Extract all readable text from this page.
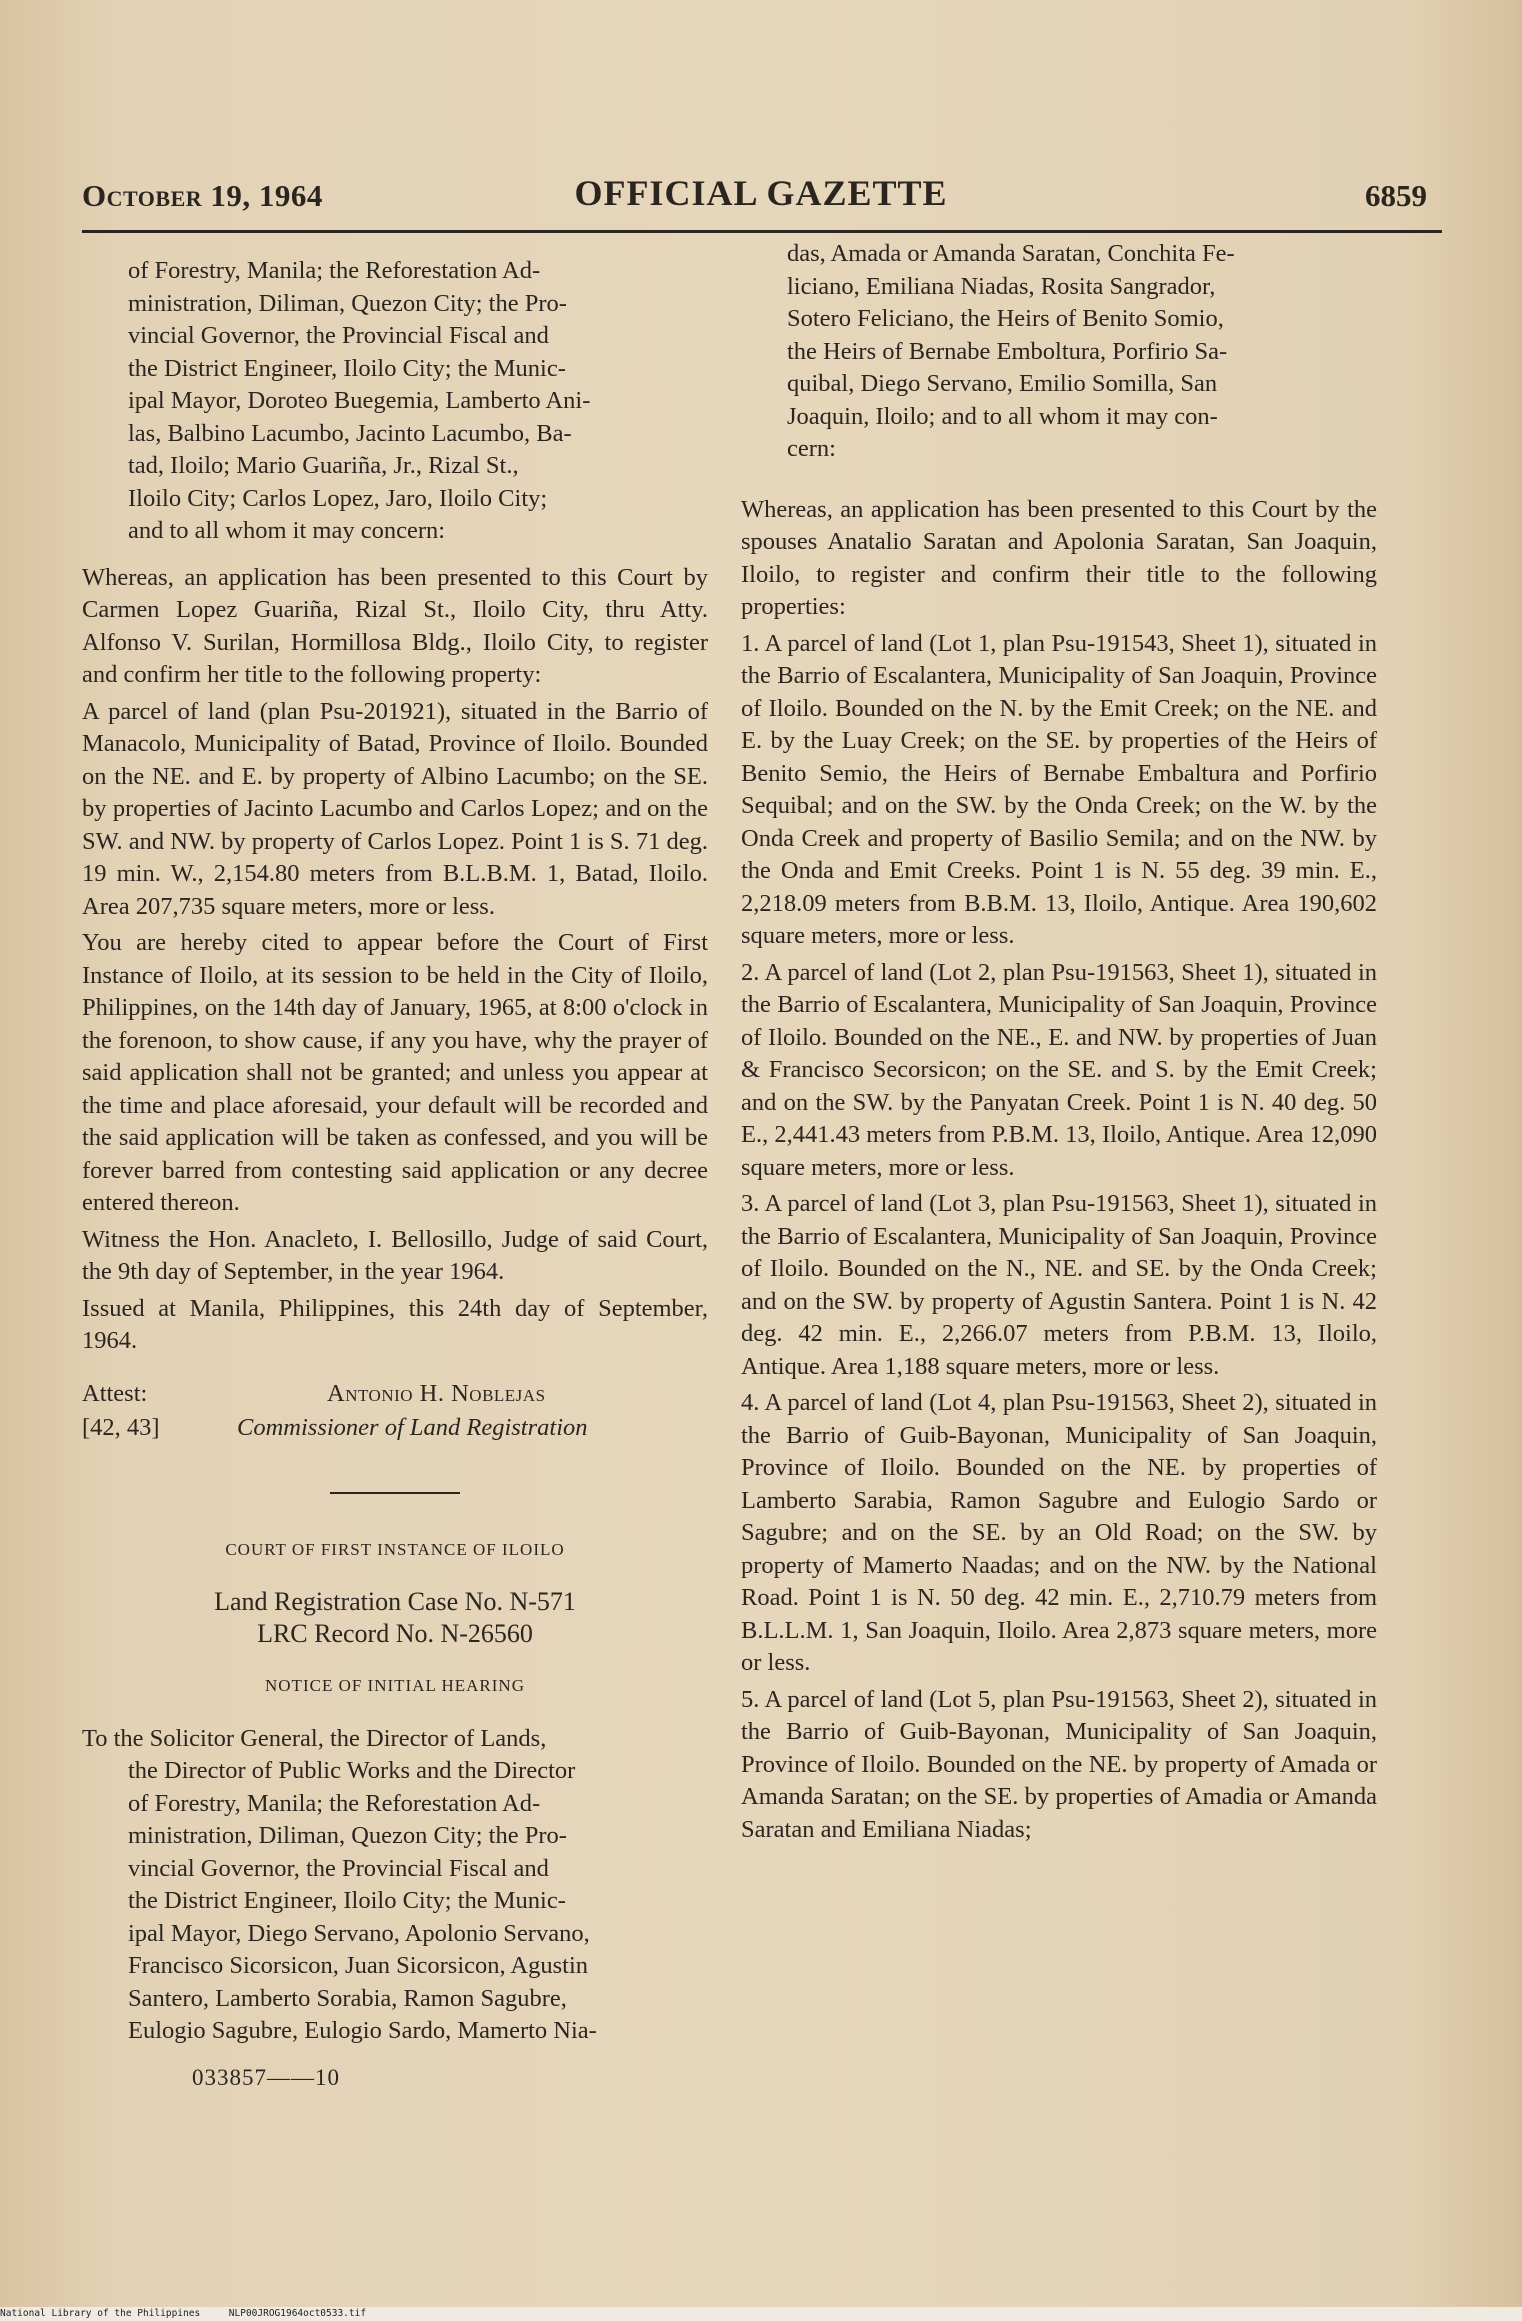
October 19, 1964	OFFICIAL GAZETTE	6859
of Forestry, Manila; the Reforestation Ad-
ministration, Diliman, Quezon City; the Pro-
vincial Governor, the Provincial Fiscal and
the District Engineer, Iloilo City; the Munic-
ipal Mayor, Doroteo Buegemia, Lamberto Ani-
las, Balbino Lacumbo, Jacinto Lacumbo, Ba-
tad, Iloilo; Mario Guariña, Jr., Rizal St.,
Iloilo City; Carlos Lopez, Jaro, Iloilo City;
and to all whom it may concern:

Whereas, an application has been presented to this Court by Carmen Lopez Guariña, Rizal St., Iloilo City, thru Atty. Alfonso V. Surilan, Hormillosa Bldg., Iloilo City, to register and confirm her title to the following property:

A parcel of land (plan Psu-201921), situated in the Barrio of Manacolo, Municipality of Batad, Province of Iloilo. Bounded on the NE. and E. by property of Albino Lacumbo; on the SE. by properties of Jacinto Lacumbo and Carlos Lopez; and on the SW. and NW. by property of Carlos Lopez. Point 1 is S. 71 deg. 19 min. W., 2,154.80 meters from B.L.B.M. 1, Batad, Iloilo. Area 207,735 square meters, more or less.

You are hereby cited to appear before the Court of First Instance of Iloilo, at its session to be held in the City of Iloilo, Philippines, on the 14th day of January, 1965, at 8:00 o'clock in the forenoon, to show cause, if any you have, why the prayer of said application shall not be granted; and unless you appear at the time and place aforesaid, your default will be recorded and the said application will be taken as confessed, and you will be forever barred from contesting said application or any decree entered thereon.

Witness the Hon. Anacleto, I. Bellosillo, Judge of said Court, the 9th day of September, in the year 1964.

Issued at Manila, Philippines, this 24th day of September, 1964.

Attest:	Antonio H. Noblejas
[42, 43]	Commissioner of Land Registration
COURT OF FIRST INSTANCE OF ILOILO
Land Registration Case No. N-571
LRC Record No. N-26560
NOTICE OF INITIAL HEARING
To the Solicitor General, the Director of Lands,
the Director of Public Works and the Director
of Forestry, Manila; the Reforestation Ad-
ministration, Diliman, Quezon City; the Pro-
vincial Governor, the Provincial Fiscal and
the District Engineer, Iloilo City; the Munic-
ipal Mayor, Diego Servano, Apolonio Servano,
Francisco Sicorsicon, Juan Sicorsicon, Agustin
Santero, Lamberto Sorabia, Ramon Sagubre,
Eulogio Sagubre, Eulogio Sardo, Mamerto Nia-
033857——10
das, Amada or Amanda Saratan, Conchita Fe-
liciano, Emiliana Niadas, Rosita Sangrador,
Sotero Feliciano, the Heirs of Benito Somio,
the Heirs of Bernabe Emboltura, Porfirio Sa-
quibal, Diego Servano, Emilio Somilla, San
Joaquin, Iloilo; and to all whom it may con-
cern:

Whereas, an application has been presented to this Court by the spouses Anatalio Saratan and Apolonia Saratan, San Joaquin, Iloilo, to register and confirm their title to the following properties:

1. A parcel of land (Lot 1, plan Psu-191543, Sheet 1), situated in the Barrio of Escalantera, Municipality of San Joaquin, Province of Iloilo. Bounded on the N. by the Emit Creek; on the NE. and E. by the Luay Creek; on the SE. by properties of the Heirs of Benito Semio, the Heirs of Bernabe Embaltura and Porfirio Sequibal; and on the SW. by the Onda Creek; on the W. by the Onda Creek and property of Basilio Semila; and on the NW. by the Onda and Emit Creeks. Point 1 is N. 55 deg. 39 min. E., 2,218.09 meters from B.B.M. 13, Iloilo, Antique. Area 190,602 square meters, more or less.

2. A parcel of land (Lot 2, plan Psu-191563, Sheet 1), situated in the Barrio of Escalantera, Municipality of San Joaquin, Province of Iloilo. Bounded on the NE., E. and NW. by properties of Juan & Francisco Secorsicon; on the SE. and S. by the Emit Creek; and on the SW. by the Panyatan Creek. Point 1 is N. 40 deg. 50 E., 2,441.43 meters from P.B.M. 13, Iloilo, Antique. Area 12,090 square meters, more or less.

3. A parcel of land (Lot 3, plan Psu-191563, Sheet 1), situated in the Barrio of Escalantera, Municipality of San Joaquin, Province of Iloilo. Bounded on the N., NE. and SE. by the Onda Creek; and on the SW. by property of Agustin Santera. Point 1 is N. 42 deg. 42 min. E., 2,266.07 meters from P.B.M. 13, Iloilo, Antique. Area 1,188 square meters, more or less.

4. A parcel of land (Lot 4, plan Psu-191563, Sheet 2), situated in the Barrio of Guib-Bayonan, Municipality of San Joaquin, Province of Iloilo. Bounded on the NE. by properties of Lamberto Sarabia, Ramon Sagubre and Eulogio Sardo or Sagubre; and on the SE. by an Old Road; on the SW. by property of Mamerto Naadas; and on the NW. by the National Road. Point 1 is N. 50 deg. 42 min. E., 2,710.79 meters from B.L.L.M. 1, San Joaquin, Iloilo. Area 2,873 square meters, more or less.

5. A parcel of land (Lot 5, plan Psu-191563, Sheet 2), situated in the Barrio of Guib-Bayonan, Municipality of San Joaquin, Province of Iloilo. Bounded on the NE. by property of Amada or Amanda Saratan; on the SE. by properties of Amadia or Amanda Saratan and Emiliana Niadas;

National Library of the Philippines     NLP00JROG1964oct0533.tif
